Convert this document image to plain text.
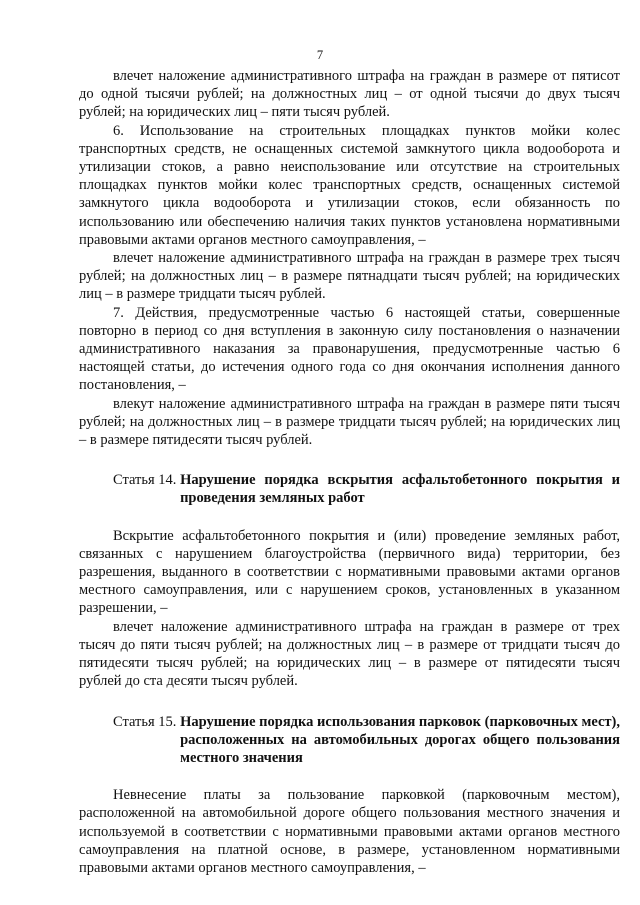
7

влечет наложение административного штрафа на граждан в размере от пятисот до одной тысячи рублей; на должностных лиц – от одной тысячи до двух тысяч рублей; на юридических лиц – пяти тысяч рублей.

6. Использование на строительных площадках пунктов мойки колес транспортных средств, не оснащенных системой замкнутого цикла водооборота и утилизации стоков, а равно неиспользование или отсутствие на строительных площадках пунктов мойки колес транспортных средств, оснащенных системой замкнутого цикла водооборота и утилизации стоков, если обязанность по использованию или обеспечению наличия таких пунктов установлена нормативными правовыми актами органов местного самоуправления, –

влечет наложение административного штрафа на граждан в размере трех тысяч рублей; на должностных лиц – в размере пятнадцати тысяч рублей; на юридических лиц – в размере тридцати тысяч рублей.

7. Действия, предусмотренные частью 6 настоящей статьи, совершенные повторно в период со дня вступления в законную силу постановления о назначении административного наказания за правонарушения, предусмотренные частью 6 настоящей статьи, до истечения одного года со дня окончания исполнения данного постановления, –

влекут наложение административного штрафа на граждан в размере пяти тысяч рублей; на должностных лиц – в размере тридцати тысяч рублей; на юридических лиц – в размере пятидесяти тысяч рублей.

Статья 14.
Нарушение порядка вскрытия асфальтобетонного покрытия и проведения земляных работ

Вскрытие асфальтобетонного покрытия и (или) проведение земляных работ, связанных с нарушением благоустройства (первичного вида) территории, без разрешения, выданного в соответствии с нормативными правовыми актами органов местного самоуправления, или с нарушением сроков, установленных в указанном разрешении, –

влечет наложение административного штрафа на граждан в размере от трех тысяч до пяти тысяч рублей; на должностных лиц – в размере от тридцати тысяч до пятидесяти тысяч рублей; на юридических лиц – в размере от пятидесяти тысяч рублей до ста десяти тысяч рублей.

Статья 15.
Нарушение порядка использования парковок (парковочных мест), расположенных на автомобильных дорогах общего пользования местного значения

Невнесение платы за пользование парковкой (парковочным местом), расположенной на автомобильной дороге общего пользования местного значения и используемой в соответствии с нормативными правовыми актами органов местного самоуправления на платной основе, в размере, установленном нормативными правовыми актами органов местного самоуправления, –
